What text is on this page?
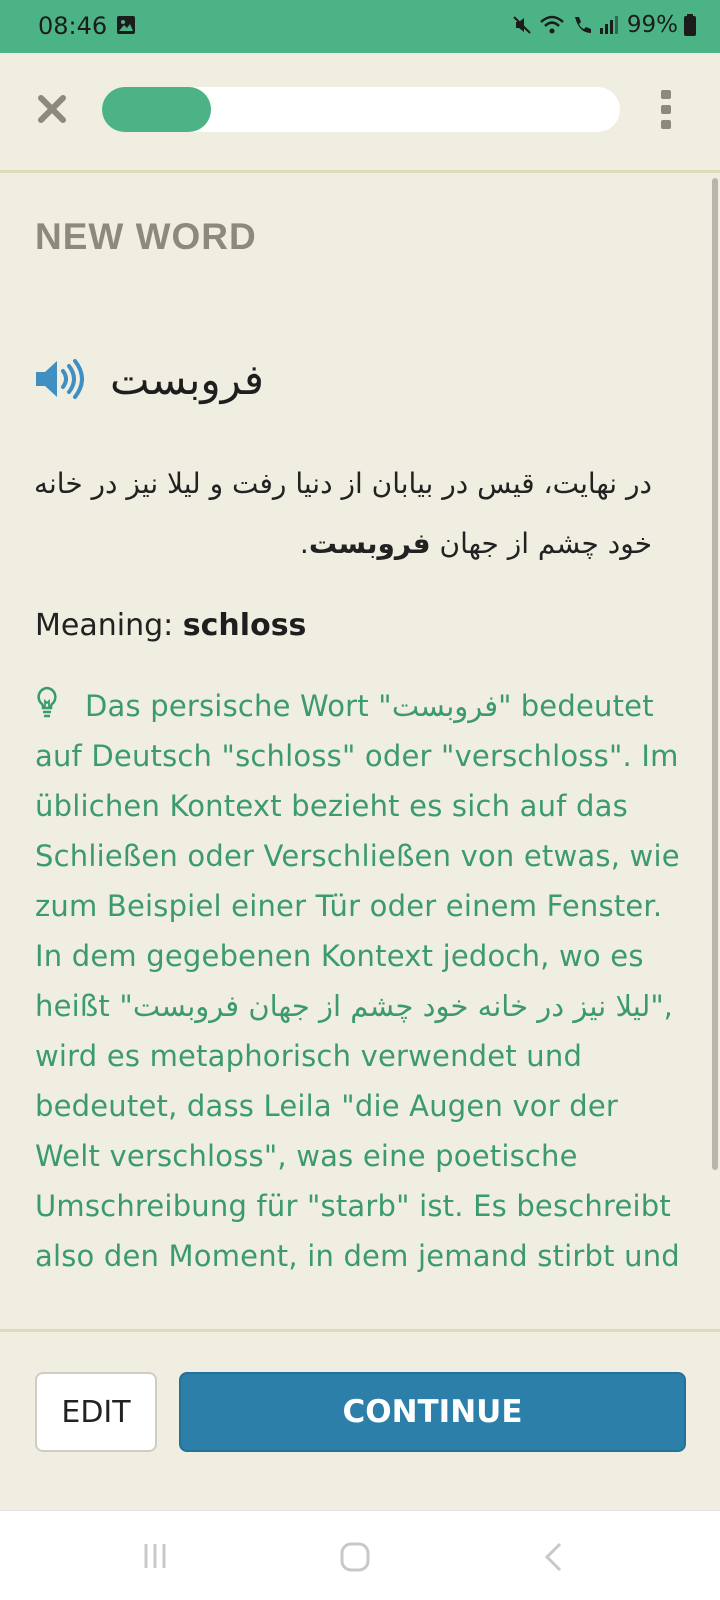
08:46	99%
NEW WORD
فروبست
در نهایت، قیس در بیابان از دنیا رفت و لیلا نیز در خانه خود چشم از جهان فروبست.
Meaning: schloss
Das persische Wort "فروبست" bedeutet auf Deutsch "schloss" oder "verschloss". Im üblichen Kontext bezieht es sich auf das Schließen oder Verschließen von etwas, wie zum Beispiel einer Tür oder einem Fenster. In dem gegebenen Kontext jedoch, wo es heißt "لیلا نیز در خانه خود چشم از جهان فروبست", wird es metaphorisch verwendet und bedeutet, dass Leila "die Augen vor der Welt verschloss", was eine poetische Umschreibung für "starb" ist. Es beschreibt also den Moment, in dem jemand stirbt und
EDIT	CONTINUE
